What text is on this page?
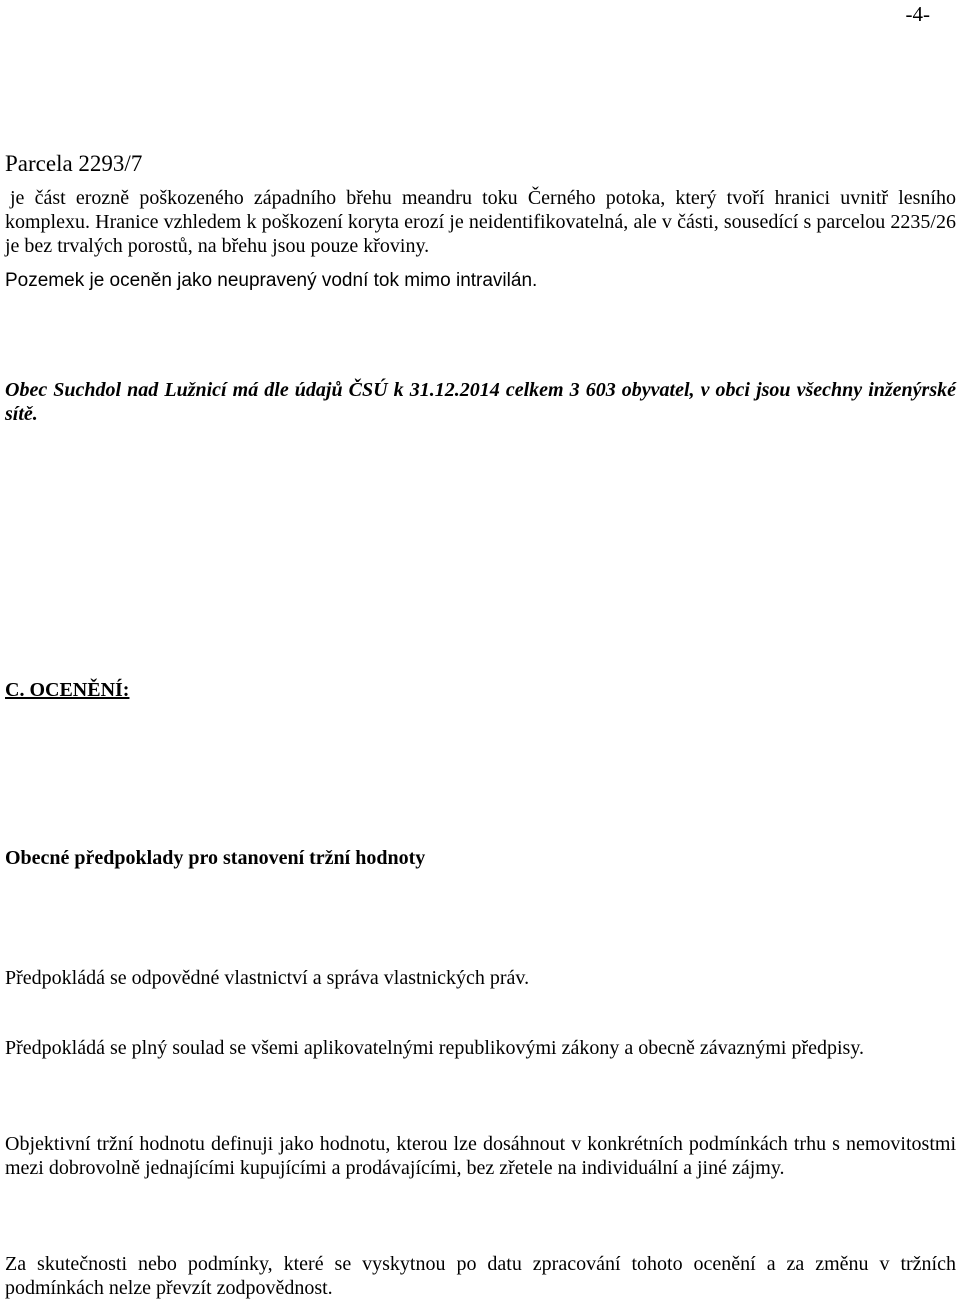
-4-

Parcela 2293/7

je část erozně poškozeného západního břehu meandru toku Černého potoka, který tvoří hranici uvnitř lesního komplexu. Hranice vzhledem k poškození koryta erozí je neidentifikovatelná, ale v části, sousedící s parcelou 2235/26 je bez trvalých porostů, na břehu jsou pouze křoviny.

Pozemek je oceněn jako neupravený vodní tok mimo intravilán.

Obec Suchdol nad Lužnicí má dle údajů ČSÚ k 31.12.2014 celkem 3 603 obyvatel, v obci jsou všechny inženýrské sítě.

C. OCENĚNÍ:

Obecné předpoklady pro stanovení tržní hodnoty

Předpokládá se odpovědné vlastnictví a správa vlastnických práv.

Předpokládá se plný soulad se všemi aplikovatelnými republikovými zákony a obecně závaznými předpisy.

Objektivní tržní hodnotu definuji jako hodnotu, kterou lze dosáhnout v konkrétních podmínkách trhu s nemovitostmi mezi dobrovolně jednajícími kupujícími a prodávajícími, bez zřetele na individuální a jiné zájmy.

Za skutečnosti nebo podmínky, které se vyskytnou po datu zpracování tohoto ocenění a za změnu v tržních podmínkách nelze převzít zodpovědnost.
